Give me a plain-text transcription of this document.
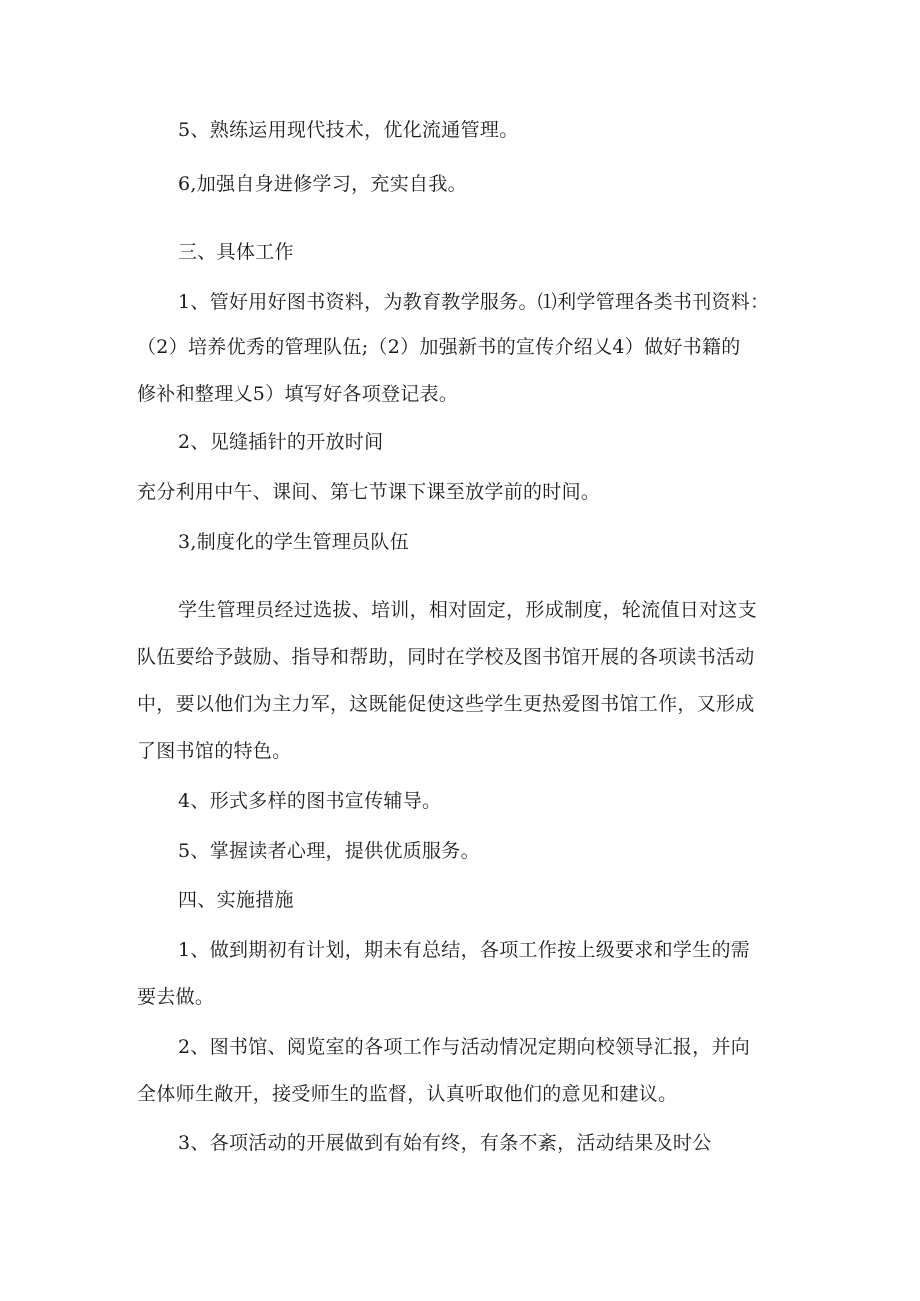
5、熟练运用现代技术，优化流通管理。
6,加强自身进修学习，充实自我。
三、具体工作
1、管好用好图书资料，为教育教学服务。⑴利学管理各类书刊资料：
（2）培养优秀的管理队伍;（2）加强新书的宣传介绍乂4）做好书籍的
修补和整理乂5）填写好各项登记表。
2、见缝插针的开放时间
充分利用中午、课间、第七节课下课至放学前的时间。
3,制度化的学生管理员队伍
学生管理员经过选拔、培训，相对固定，形成制度，轮流值日对这支
队伍要给予鼓励、指导和帮助，同时在学校及图书馆开展的各项读书活动
中，要以他们为主力军，这既能促使这些学生更热爱图书馆工作，又形成
了图书馆的特色。
4、形式多样的图书宣传辅导。
5、掌握读者心理，提供优质服务。
四、实施措施
1、做到期初有计划，期未有总结，各项工作按上级要求和学生的需
要去做。
2、图书馆、阅览室的各项工作与活动情况定期向校领导汇报，并向
全体师生敞开，接受师生的监督，认真听取他们的意见和建议。
3、各项活动的开展做到有始有终，有条不紊，活动结果及时公
